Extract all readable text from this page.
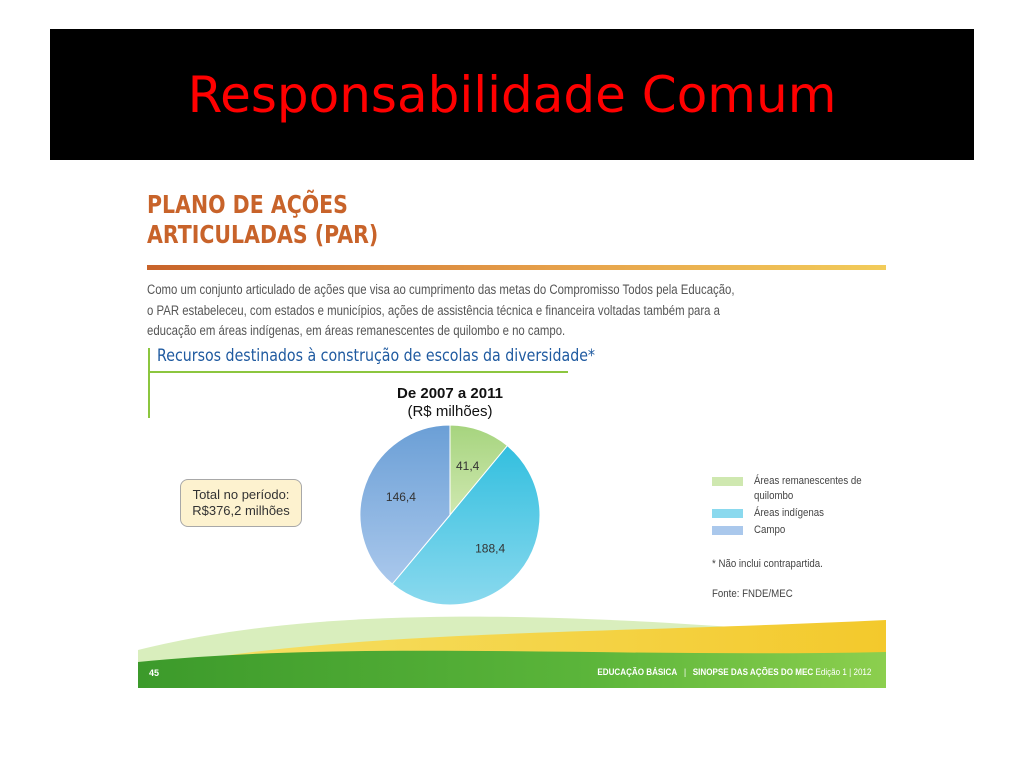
Responsabilidade Comum
PLANO DE AÇÕES
ARTICULADAS (PAR)
Como um conjunto articulado de ações que visa ao cumprimento das metas do Compromisso Todos pela Educação,
o PAR estabeleceu, com estados e municípios, ações de assistência técnica e financeira voltadas também para a
educação em áreas indígenas, em áreas remanescentes de quilombo e no campo.
Recursos destinados à construção de escolas da diversidade*
De 2007 a 2011
(R$ milhões)
41,4
188,4
146,4
Total no período:
R$376,2 milhões
Áreas remanescentes de
quilombo
Áreas indígenas
Campo
* Não inclui contrapartida.
Fonte: FNDE/MEC
45	EDUCAÇÃO BÁSICA | SINOPSE DAS AÇÕES DO MEC Edição 1 | 2012
